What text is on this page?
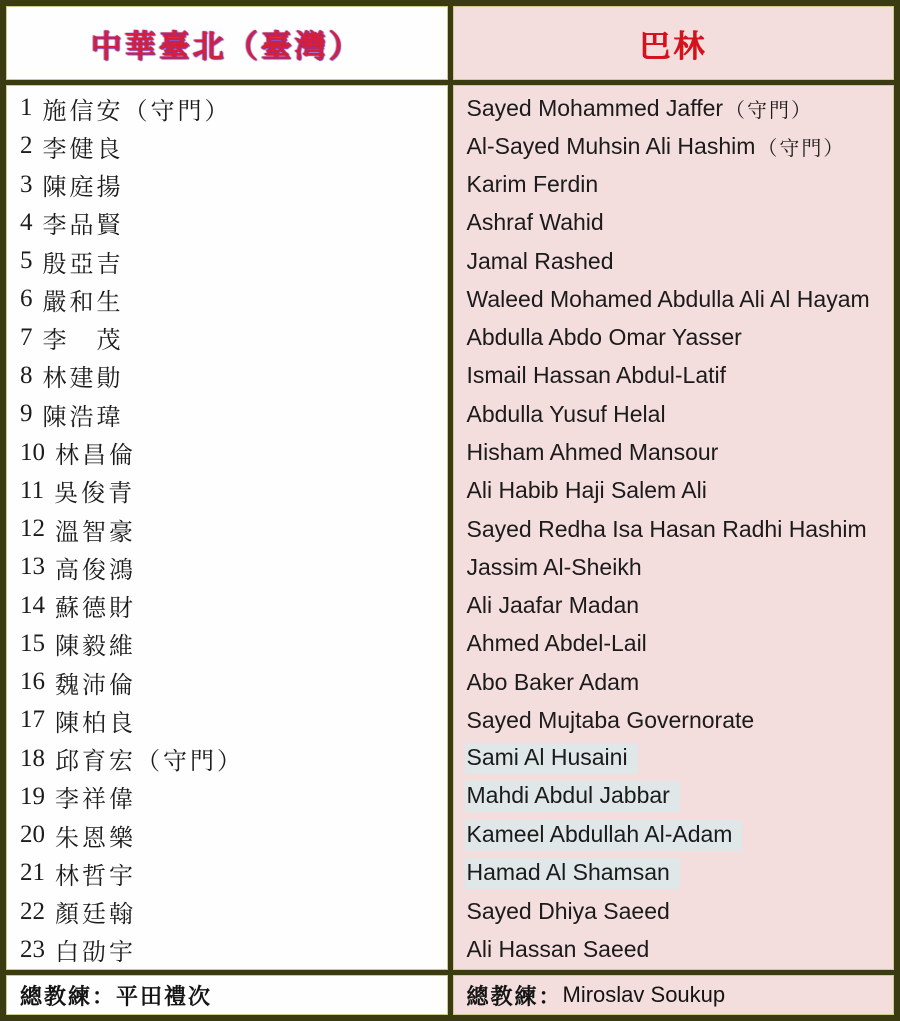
中華臺北（臺灣）	巴林
1 施信安（守門）
2 李健良
3 陳庭揚
4 李品賢
5 殷亞吉
6 嚴和生
7 李　茂
8 林建勛
9 陳浩瑋
10 林昌倫
11 吳俊青
12 溫智豪
13 高俊鴻
14 蘇德財
15 陳毅維
16 魏沛倫
17 陳柏良
18 邱育宏（守門）
19 李祥偉
20 朱恩樂
21 林哲宇
22 顏廷翰
23 白劭宇
Sayed Mohammed Jaffer （守門）
Al-Sayed Muhsin Ali Hashim （守門）
Karim Ferdin
Ashraf Wahid
Jamal Rashed
Waleed Mohamed Abdulla Ali Al Hayam
Abdulla Abdo Omar Yasser
Ismail Hassan Abdul-Latif
Abdulla Yusuf Helal
Hisham Ahmed Mansour
Ali Habib Haji Salem Ali
Sayed Redha Isa Hasan Radhi Hashim
Jassim Al-Sheikh
Ali Jaafar Madan
Ahmed Abdel-Lail
Abo Baker Adam
Sayed Mujtaba Governorate
Sami Al Husaini
Mahdi Abdul Jabbar
Kameel Abdullah Al-Adam
Hamad Al Shamsan
Sayed Dhiya Saeed
Ali Hassan Saeed
總教練： 平田禮次	總教練： Miroslav Soukup
